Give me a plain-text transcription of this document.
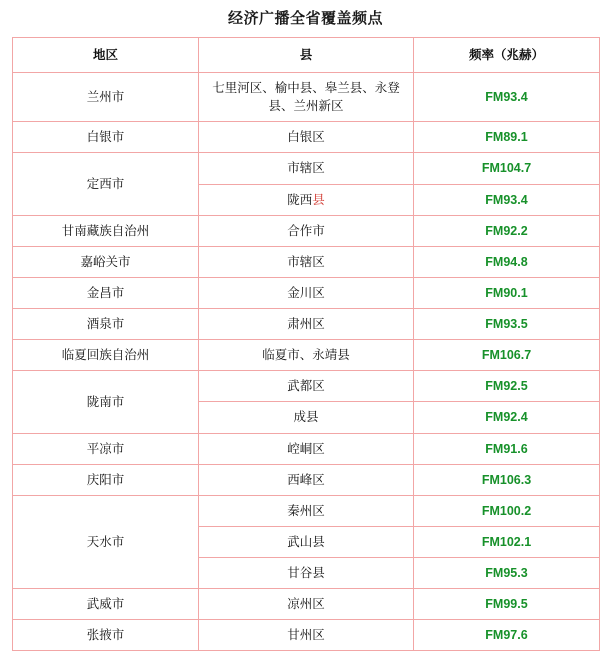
经济广播全省覆盖频点
地区	县	频率（兆赫）
兰州市	七里河区、榆中县、皋兰县、永登县、兰州新区	FM93.4
白银市	白银区	FM89.1
定西市	市辖区	FM104.7
	陇西县	FM93.4
甘南藏族自治州	合作市	FM92.2
嘉峪关市	市辖区	FM94.8
金昌市	金川区	FM90.1
酒泉市	肃州区	FM93.5
临夏回族自治州	临夏市、永靖县	FM106.7
陇南市	武都区	FM92.5
	成县	FM92.4
平凉市	崆峒区	FM91.6
庆阳市	西峰区	FM106.3
天水市	秦州区	FM100.2
	武山县	FM102.1
	甘谷县	FM95.3
武威市	凉州区	FM99.5
张掖市	甘州区	FM97.6
